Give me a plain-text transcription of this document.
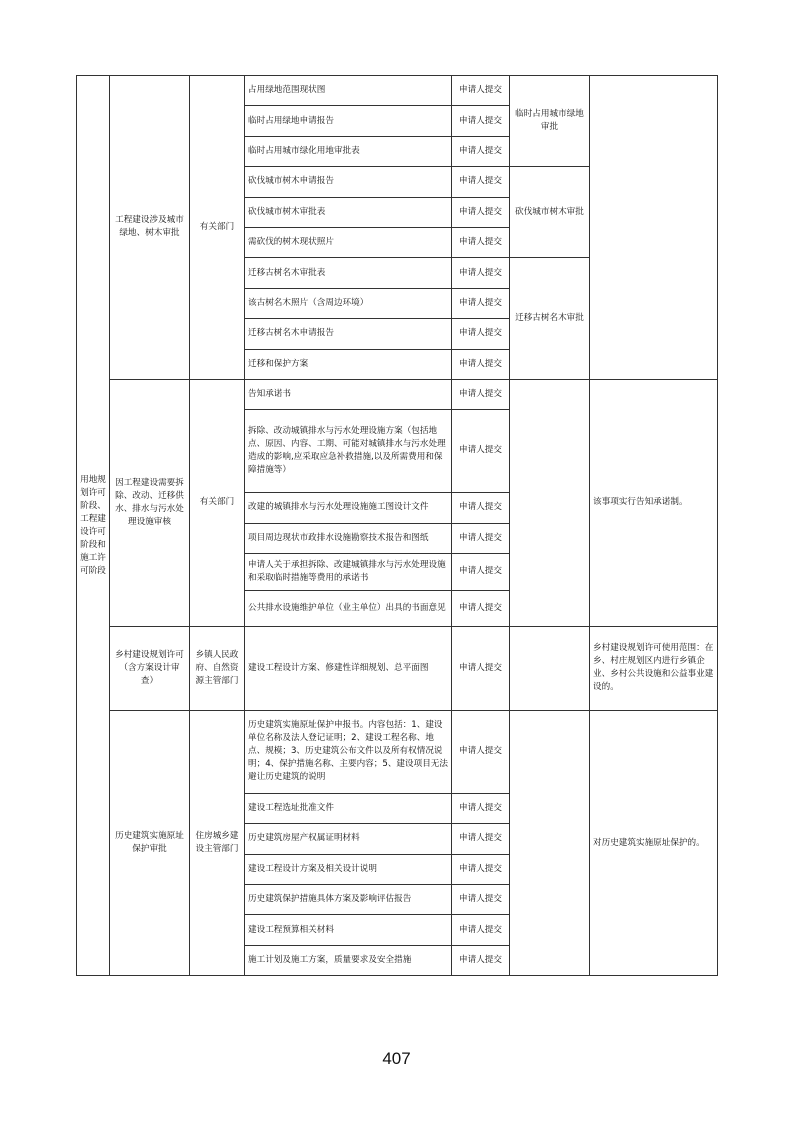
用地规划许可阶段、工程建设许可阶段和施工许可阶段	工程建设涉及城市绿地、树木审批	有关部门	占用绿地范围现状图	申请人提交	临时占用城市绿地审批	
			临时占用绿地申请报告	申请人提交		
			临时占用城市绿化用地审批表	申请人提交		
			砍伐城市树木申请报告	申请人提交	砍伐城市树木审批	
			砍伐城市树木审批表	申请人提交		
			需砍伐的树木现状照片	申请人提交		
			迁移古树名木审批表	申请人提交	迁移古树名木审批	
			该古树名木照片（含周边环境）	申请人提交		
			迁移古树名木申请报告	申请人提交		
			迁移和保护方案	申请人提交		
	因工程建设需要拆除、改动、迁移供水、排水与污水处理设施审核	有关部门	告知承诺书	申请人提交		该事项实行告知承诺制。
			拆除、改动城镇排水与污水处理设施方案（包括地点、原因、内容、工期、可能对城镇排水与污水处理造成的影响,应采取应急补救措施,以及所需费用和保障措施等）	申请人提交		
			改建的城镇排水与污水处理设施施工图设计文件	申请人提交		
			项目周边现状市政排水设施勘察技术报告和图纸	申请人提交		
			申请人关于承担拆除、改建城镇排水与污水处理设施和采取临时措施等费用的承诺书	申请人提交		
			公共排水设施维护单位（业主单位）出具的书面意见	申请人提交		
	乡村建设规划许可（含方案设计审查）	乡镇人民政府、自然资源主管部门	建设工程设计方案、修建性详细规划、总平面图	申请人提交		乡村建设规划许可使用范围：在乡、村庄规划区内进行乡镇企业、乡村公共设施和公益事业建设的。
	历史建筑实施原址保护审批	住房城乡建设主管部门	历史建筑实施原址保护申报书。内容包括：1、建设单位名称及法人登记证明；2、建设工程名称、地点、规模；3、历史建筑公布文件以及所有权情况说明；4、保护措施名称、主要内容；5、建设项目无法避让历史建筑的说明	申请人提交		对历史建筑实施原址保护的。
			建设工程选址批准文件	申请人提交		
			历史建筑房屋产权属证明材料	申请人提交		
			建设工程设计方案及相关设计说明	申请人提交		
			历史建筑保护措施具体方案及影响评估报告	申请人提交		
			建设工程预算相关材料	申请人提交		
			施工计划及施工方案，质量要求及安全措施	申请人提交		
407
